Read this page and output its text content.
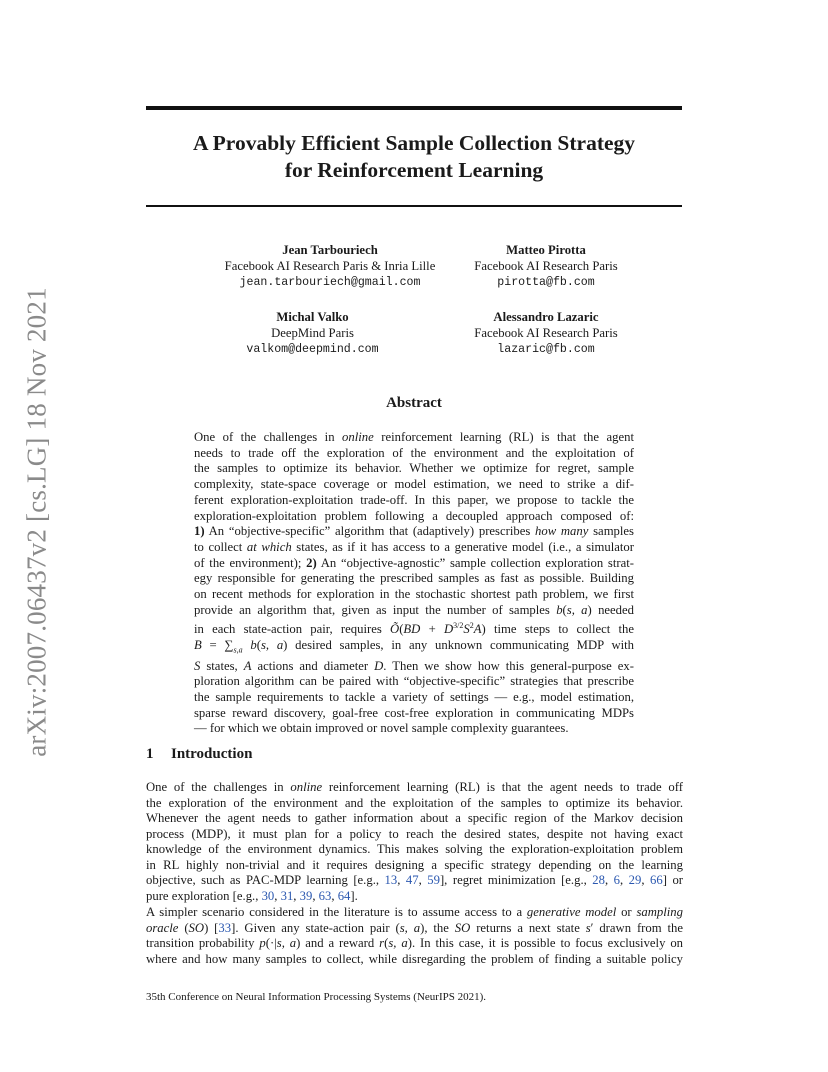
arXiv:2007.06437v2 [cs.LG] 18 Nov 2021
A Provably Efficient Sample Collection Strategy
for Reinforcement Learning
Jean Tarbouriech
Facebook AI Research Paris & Inria Lille
jean.tarbouriech@gmail.com
Matteo Pirotta
Facebook AI Research Paris
pirotta@fb.com
Michal Valko
DeepMind Paris
valkom@deepmind.com
Alessandro Lazaric
Facebook AI Research Paris
lazaric@fb.com
Abstract
One of the challenges in online reinforcement learning (RL) is that the agent
needs to trade off the exploration of the environment and the exploitation of
the samples to optimize its behavior. Whether we optimize for regret, sample
complexity, state-space coverage or model estimation, we need to strike a dif-
ferent exploration-exploitation trade-off. In this paper, we propose to tackle the
exploration-exploitation problem following a decoupled approach composed of:
1) An “objective-specific” algorithm that (adaptively) prescribes how many samples
to collect at which states, as if it has access to a generative model (i.e., a simulator
of the environment); 2) An “objective-agnostic” sample collection exploration strat-
egy responsible for generating the prescribed samples as fast as possible. Building
on recent methods for exploration in the stochastic shortest path problem, we first
provide an algorithm that, given as input the number of samples b(s, a) needed
in each state-action pair, requires Õ(BD + $D^{3/2}S^2A$) time steps to collect the
$B = \sum_{s,a}$ b(s, a) desired samples, in any unknown communicating MDP with
S states, A actions and diameter D. Then we show how this general-purpose ex-
ploration algorithm can be paired with “objective-specific” strategies that prescribe
the sample requirements to tackle a variety of settings — e.g., model estimation,
sparse reward discovery, goal-free cost-free exploration in communicating MDPs
— for which we obtain improved or novel sample complexity guarantees.
1 Introduction
One of the challenges in online reinforcement learning (RL) is that the agent needs to trade off
the exploration of the environment and the exploitation of the samples to optimize its behavior.
Whenever the agent needs to gather information about a specific region of the Markov decision
process (MDP), it must plan for a policy to reach the desired states, despite not having exact
knowledge of the environment dynamics. This makes solving the exploration-exploitation problem
in RL highly non-trivial and it requires designing a specific strategy depending on the learning
objective, such as PAC-MDP learning [e.g., 13, 47, 59], regret minimization [e.g., 28, 6, 29, 66] or
pure exploration [e.g., 30, 31, 39, 63, 64].
A simpler scenario considered in the literature is to assume access to a generative model or sampling
oracle (SO) [33]. Given any state-action pair (s, a), the SO returns a next state s′ drawn from the
transition probability p(·|s, a) and a reward r(s, a). In this case, it is possible to focus exclusively on
where and how many samples to collect, while disregarding the problem of finding a suitable policy
35th Conference on Neural Information Processing Systems (NeurIPS 2021).
